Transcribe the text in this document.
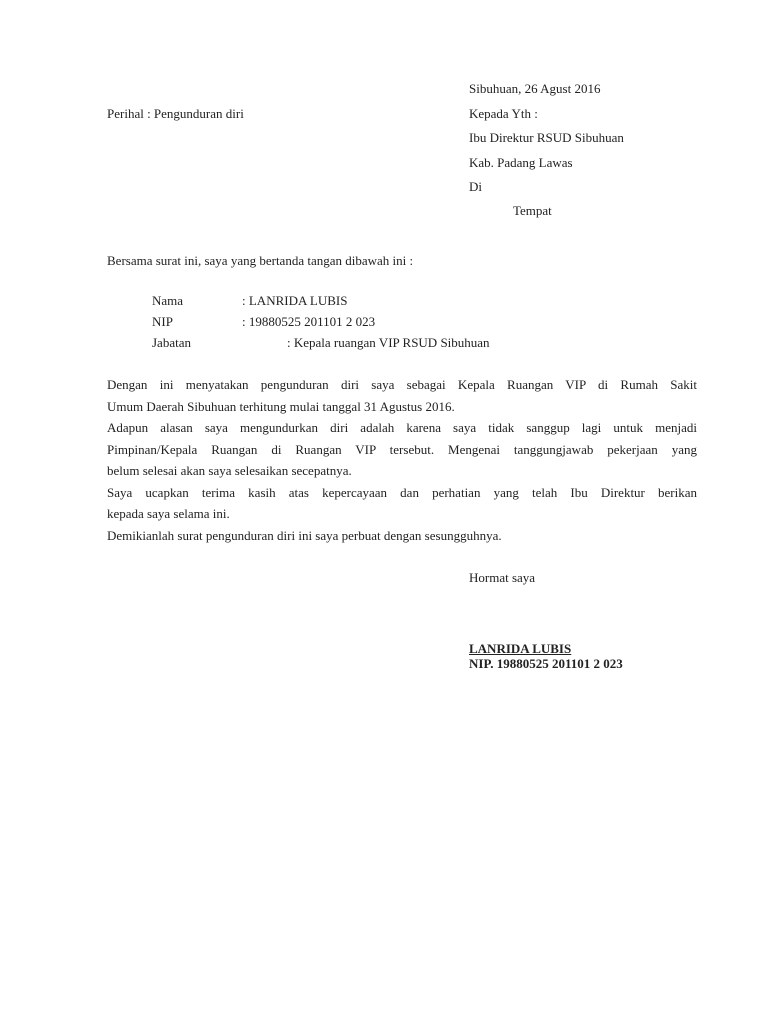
Sibuhuan, 26 Agust 2016
Perihal : Pengunduran diri	Kepada Yth :
Ibu Direktur RSUD Sibuhuan
Kab. Padang Lawas
Di
Tempat
Bersama surat ini, saya yang bertanda tangan dibawah ini :
Nama	: LANRIDA LUBIS
NIP	: 19880525 201101 2 023
Jabatan	: Kepala ruangan VIP RSUD Sibuhuan
Dengan ini menyatakan pengunduran diri saya sebagai Kepala Ruangan VIP di Rumah Sakit
Umum Daerah Sibuhuan terhitung mulai tanggal 31 Agustus 2016.
Adapun alasan saya mengundurkan diri adalah karena saya tidak sanggup lagi untuk menjadi
Pimpinan/Kepala Ruangan di Ruangan VIP tersebut. Mengenai tanggungjawab pekerjaan yang
belum selesai akan saya selesaikan secepatnya.
Saya ucapkan terima kasih atas kepercayaan dan perhatian yang telah Ibu Direktur berikan
kepada saya selama ini.
Demikianlah surat pengunduran diri ini saya perbuat dengan sesungguhnya.
Hormat saya
LANRIDA LUBIS
NIP. 19880525 201101 2 023
